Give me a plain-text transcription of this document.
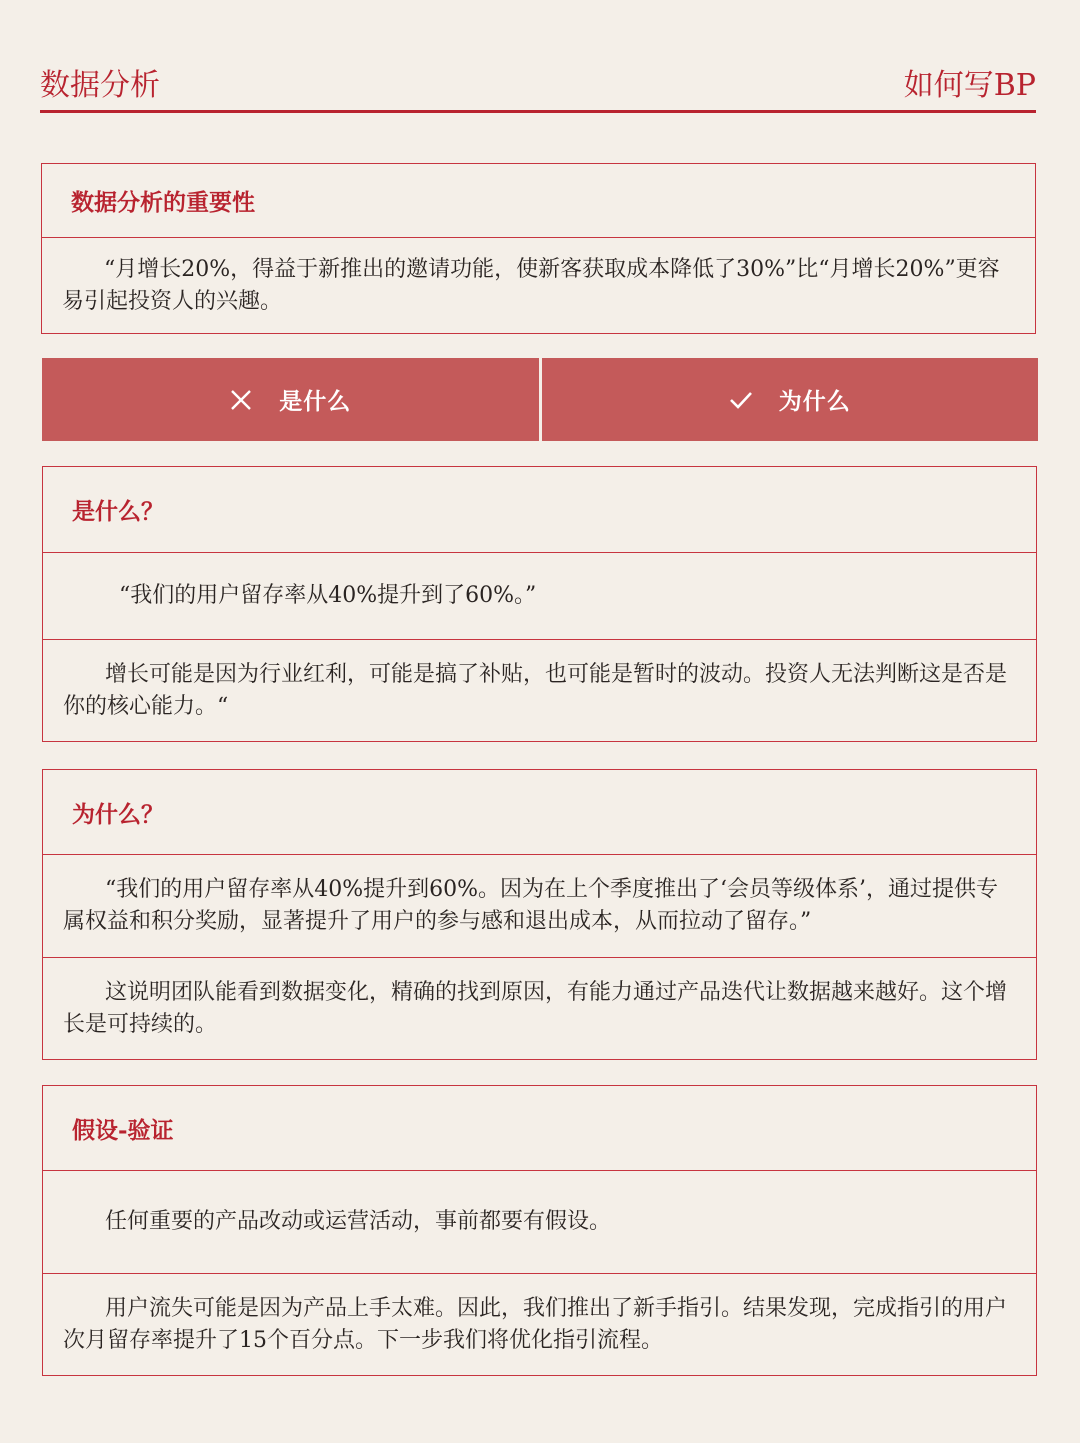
数据分析	如何写BP
数据分析的重要性
“月增长20%，得益于新推出的邀请功能，使新客获取成本降低了30%”比“月增长20%”更容易引起投资人的兴趣。
是什么	为什么
是什么？
“我们的用户留存率从40%提升到了60%。”
增长可能是因为行业红利，可能是搞了补贴，也可能是暂时的波动。投资人无法判断这是否是你的核心能力。“
为什么？
“我们的用户留存率从40%提升到60%。因为在上个季度推出了‘会员等级体系’，通过提供专属权益和积分奖励，显著提升了用户的参与感和退出成本，从而拉动了留存。”
这说明团队能看到数据变化，精确的找到原因，有能力通过产品迭代让数据越来越好。这个增长是可持续的。
假设-验证
任何重要的产品改动或运营活动，事前都要有假设。
用户流失可能是因为产品上手太难。因此，我们推出了新手指引。结果发现，完成指引的用户次月留存率提升了15个百分点。下一步我们将优化指引流程。
